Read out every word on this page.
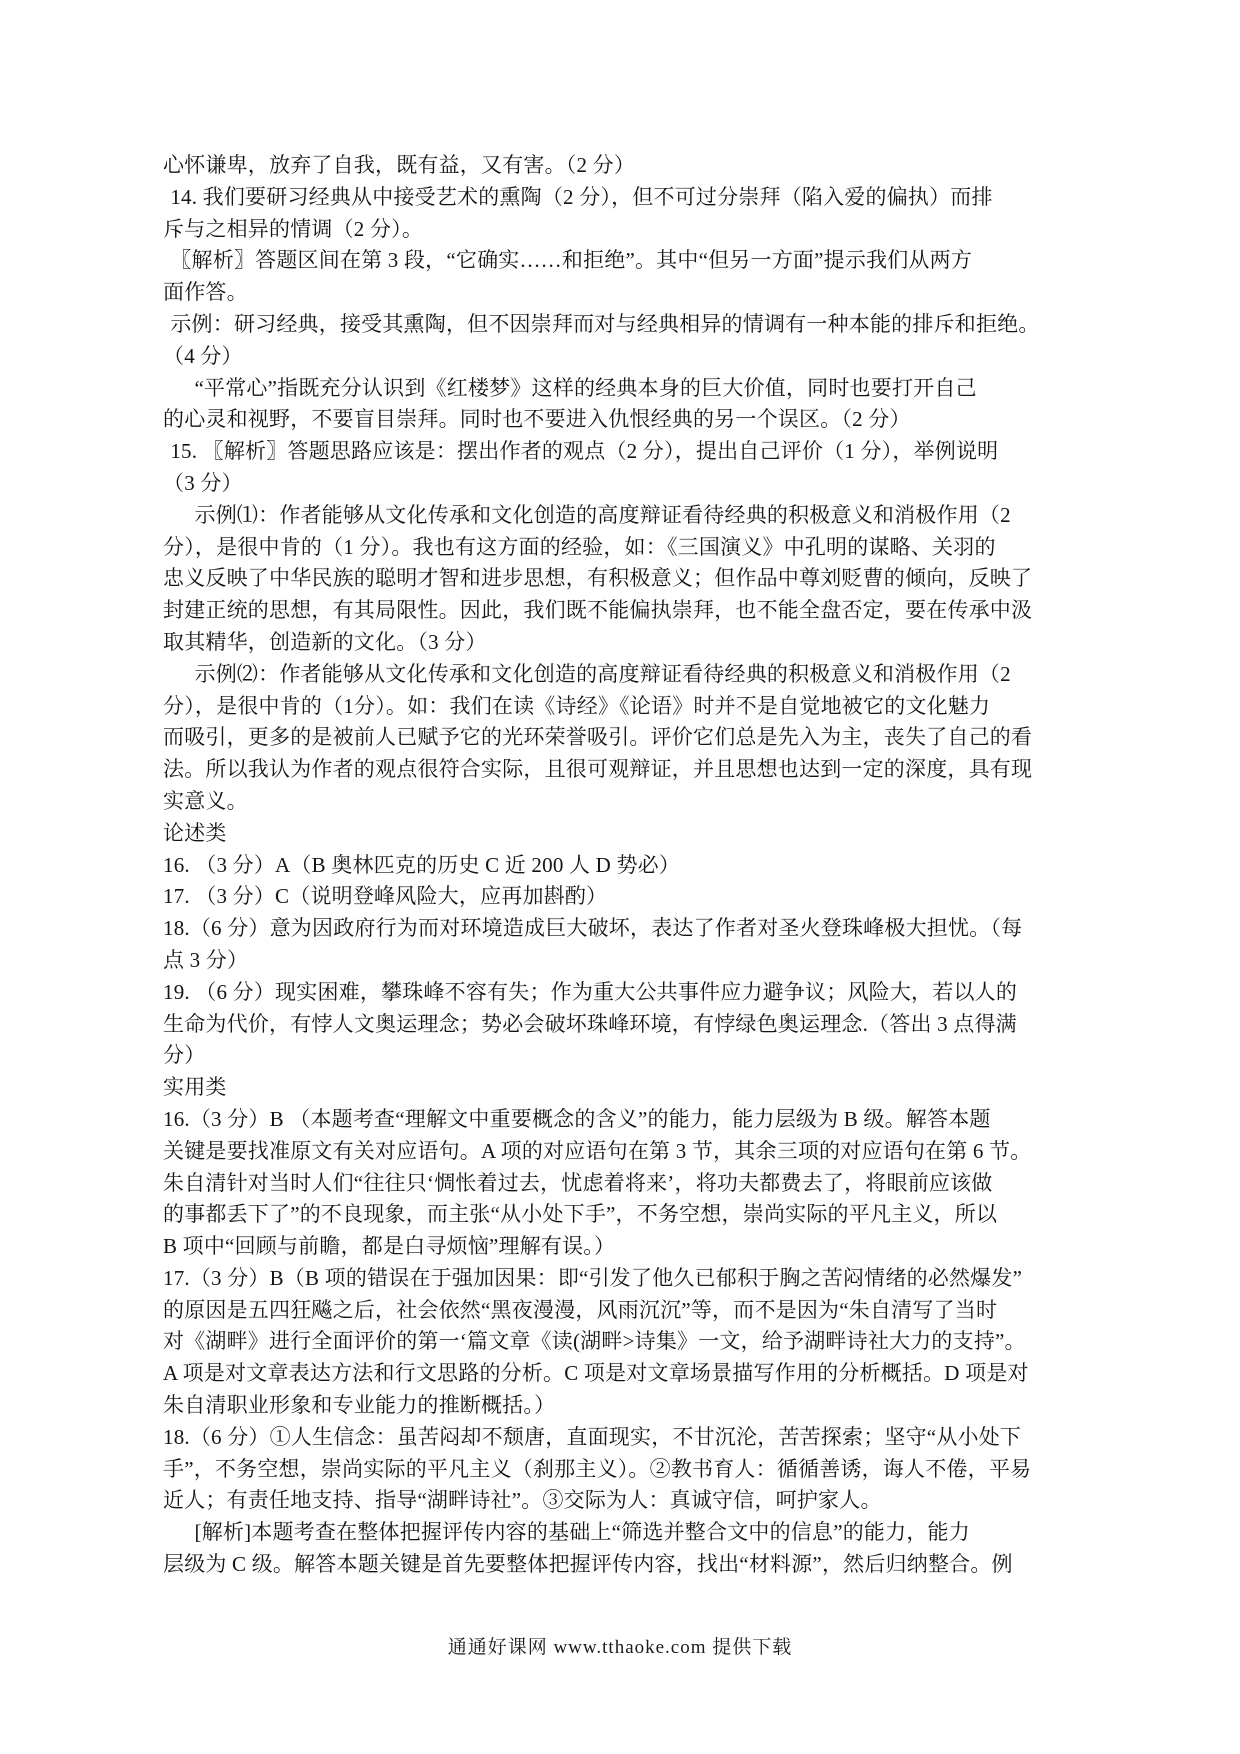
心怀谦卑，放弃了自我，既有益，又有害。（2 分）
14. 我们要研习经典从中接受艺术的熏陶（2 分），但不可过分崇拜（陷入爱的偏执）而排
斥与之相异的情调（2 分）。
〖解析〗答题区间在第 3 段，“它确实……和拒绝”。其中“但另一方面”提示我们从两方
面作答。
示例：研习经典，接受其熏陶，但不因崇拜而对与经典相异的情调有一种本能的排斥和拒绝。
（4 分）
“平常心”指既充分认识到《红楼梦》这样的经典本身的巨大价值，同时也要打开自己
的心灵和视野，不要盲目崇拜。同时也不要进入仇恨经典的另一个误区。（2 分）
15. 〖解析〗答题思路应该是：摆出作者的观点（2 分），提出自己评价（1 分），举例说明
（3 分）
示例⑴：作者能够从文化传承和文化创造的高度辩证看待经典的积极意义和消极作用（2
分），是很中肯的（1 分）。我也有这方面的经验，如：《三国演义》中孔明的谋略、关羽的
忠义反映了中华民族的聪明才智和进步思想，有积极意义；但作品中尊刘贬曹的倾向，反映了
封建正统的思想，有其局限性。因此，我们既不能偏执崇拜，也不能全盘否定，要在传承中汲
取其精华，创造新的文化。（3 分）
示例⑵：作者能够从文化传承和文化创造的高度辩证看待经典的积极意义和消极作用（2
分），是很中肯的（1分）。如：我们在读《诗经》《论语》时并不是自觉地被它的文化魅力
而吸引，更多的是被前人已赋予它的光环荣誉吸引。评价它们总是先入为主，丧失了自己的看
法。所以我认为作者的观点很符合实际，且很可观辩证，并且思想也达到一定的深度，具有现
实意义。
论述类
16. （3 分）A（B 奥林匹克的历史 C 近 200 人 D 势必）
17. （3 分）C（说明登峰风险大，应再加斟酌）
18.（6 分）意为因政府行为而对环境造成巨大破坏，表达了作者对圣火登珠峰极大担忧。（每
点 3 分）
19. （6 分）现实困难，攀珠峰不容有失；作为重大公共事件应力避争议；风险大，若以人的
生命为代价，有悖人文奥运理念；势必会破坏珠峰环境，有悖绿色奥运理念.（答出 3 点得满
分）
实用类
16.（3 分）B （本题考查“理解文中重要概念的含义”的能力，能力层级为 B 级。解答本题
关键是要找准原文有关对应语句。A 项的对应语句在第 3 节，其余三项的对应语句在第 6 节。
朱自清针对当时人们“往往只‘惆怅着过去，忧虑着将来’，将功夫都费去了，将眼前应该做
的事都丢下了”的不良现象，而主张“从小处下手”，不务空想，崇尚实际的平凡主义，所以
B 项中“回顾与前瞻，都是白寻烦恼”理解有误。）
17.（3 分）B（B 项的错误在于强加因果：即“引发了他久已郁积于胸之苦闷情绪的必然爆发”
的原因是五四狂飚之后，社会依然“黑夜漫漫，风雨沉沉”等，而不是因为“朱自清写了当时
对《湖畔》进行全面评价的第一‘篇文章《读(湖畔>诗集》一文，给予湖畔诗社大力的支持”。
A 项是对文章表达方法和行文思路的分析。C 项是对文章场景描写作用的分析概括。D 项是对
朱自清职业形象和专业能力的推断概括。）
18.（6 分）①人生信念：虽苦闷却不颓唐，直面现实，不甘沉沦，苦苦探索；坚守“从小处下
手”，不务空想，崇尚实际的平凡主义（刹那主义）。②教书育人：循循善诱，诲人不倦，平易
近人；有责任地支持、指导“湖畔诗社”。③交际为人：真诚守信，呵护家人。
[解析]本题考查在整体把握评传内容的基础上“筛选并整合文中的信息”的能力，能力
层级为 C 级。解答本题关键是首先要整体把握评传内容，找出“材料源”，然后归纳整合。例
通通好课网 www.tthaoke.com 提供下载
